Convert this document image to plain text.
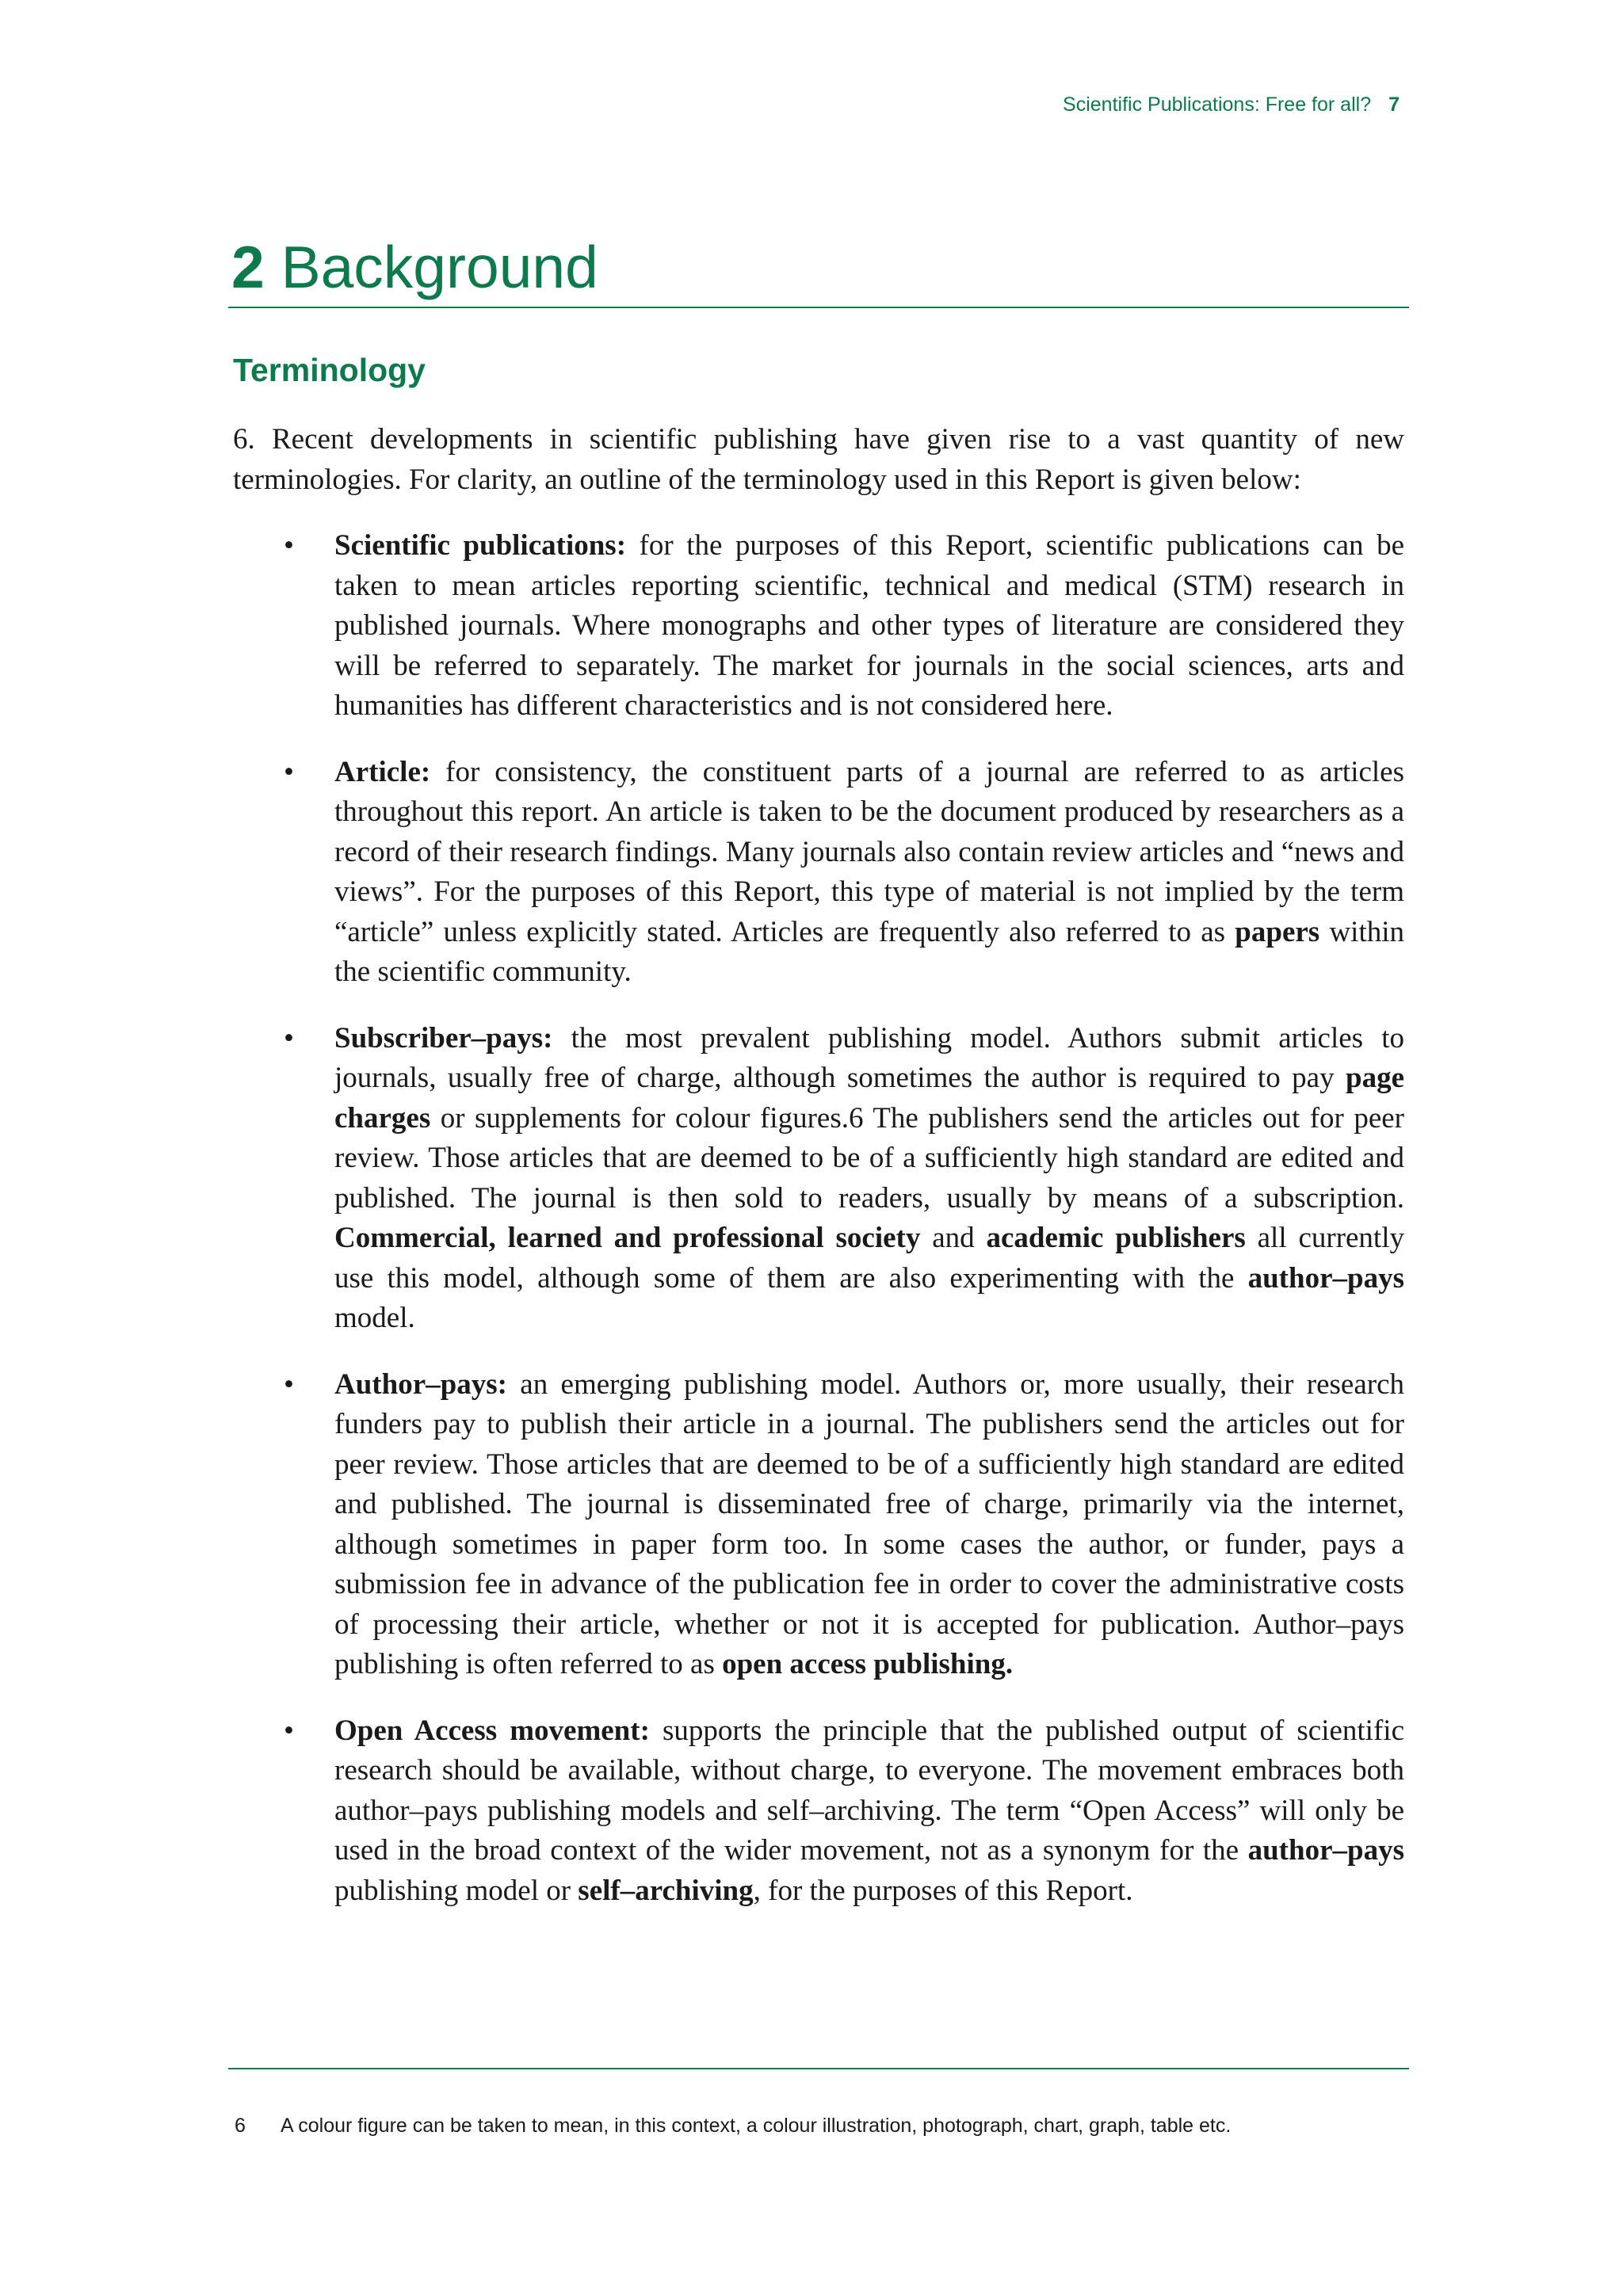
Scientific Publications: Free for all? 7
2 Background
Terminology

6. Recent developments in scientific publishing have given rise to a vast quantity of new terminologies. For clarity, an outline of the terminology used in this Report is given below:

• Scientific publications: for the purposes of this Report, scientific publications can be taken to mean articles reporting scientific, technical and medical (STM) research in published journals. Where monographs and other types of literature are considered they will be referred to separately. The market for journals in the social sciences, arts and humanities has different characteristics and is not considered here.
• Article: for consistency, the constituent parts of a journal are referred to as articles throughout this report. An article is taken to be the document produced by researchers as a record of their research findings. Many journals also contain review articles and “news and views”. For the purposes of this Report, this type of material is not implied by the term “article” unless explicitly stated. Articles are frequently also referred to as papers within the scientific community.
• Subscriber–pays: the most prevalent publishing model. Authors submit articles to journals, usually free of charge, although sometimes the author is required to pay page charges or supplements for colour figures.6 The publishers send the articles out for peer review. Those articles that are deemed to be of a sufficiently high standard are edited and published. The journal is then sold to readers, usually by means of a subscription. Commercial, learned and professional society and academic publishers all currently use this model, although some of them are also experimenting with the author–pays model.
• Author–pays: an emerging publishing model. Authors or, more usually, their research funders pay to publish their article in a journal. The publishers send the articles out for peer review. Those articles that are deemed to be of a sufficiently high standard are edited and published. The journal is disseminated free of charge, primarily via the internet, although sometimes in paper form too. In some cases the author, or funder, pays a submission fee in advance of the publication fee in order to cover the administrative costs of processing their article, whether or not it is accepted for publication. Author–pays publishing is often referred to as open access publishing.
• Open Access movement: supports the principle that the published output of scientific research should be available, without charge, to everyone. The movement embraces both author–pays publishing models and self–archiving. The term “Open Access” will only be used in the broad context of the wider movement, not as a synonym for the author–pays publishing model or self–archiving, for the purposes of this Report.
6 A colour figure can be taken to mean, in this context, a colour illustration, photograph, chart, graph, table etc.
